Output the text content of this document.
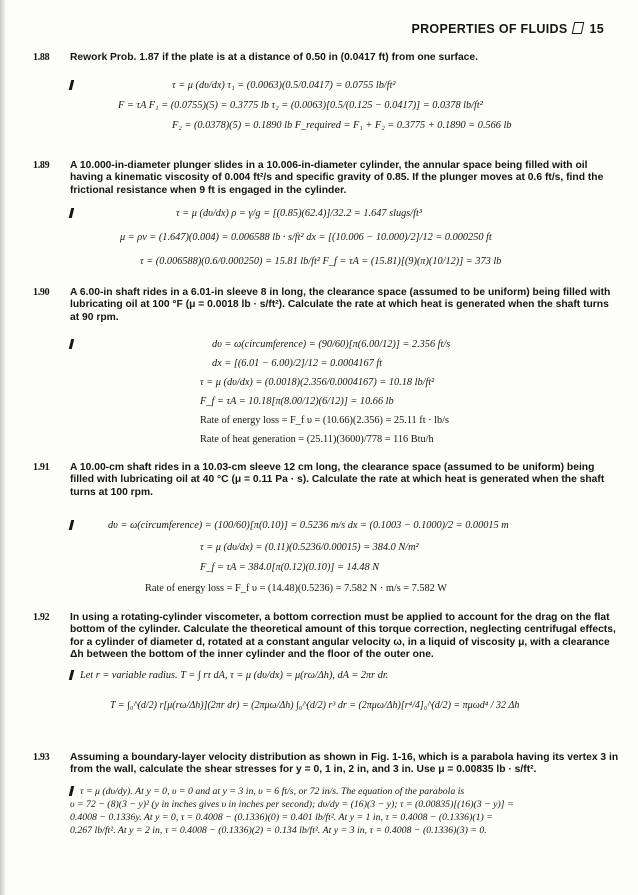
PROPERTIES OF FLUIDS 15
1.88 Rework Prob. 1.87 if the plate is at a distance of 0.50 in (0.0417 ft) from one surface.
τ = μ (dυ/dx) τ₁ = (0.0063)(0.5/0.0417) = 0.0755 lb/ft²
F = τA F₁ = (0.0755)(5) = 0.3775 lb τ₂ = (0.0063)[0.5/(0.125 − 0.0417)] = 0.0378 lb/ft²
F₂ = (0.0378)(5) = 0.1890 lb F_required = F₁ + F₂ = 0.3775 + 0.1890 = 0.566 lb
1.89 A 10.000-in-diameter plunger slides in a 10.006-in-diameter cylinder, the annular space being filled with oil
having a kinematic viscosity of 0.004 ft²/s and specific gravity of 0.85. If the plunger moves at 0.6 ft/s, find the
frictional resistance when 9 ft is engaged in the cylinder.
τ = μ (dυ/dx) ρ = γ/g = [(0.85)(62.4)]/32.2 = 1.647 slugs/ft³
μ = ρν = (1.647)(0.004) = 0.006588 lb · s/ft² dx = [(10.006 − 10.000)/2]/12 = 0.000250 ft
τ = (0.006588)(0.6/0.000250) = 15.81 lb/ft² F_f = τA = (15.81)[(9)(π)(10/12)] = 373 lb
1.90 A 6.00-in shaft rides in a 6.01-in sleeve 8 in long, the clearance space (assumed to be uniform) being filled with
lubricating oil at 100 °F (μ = 0.0018 lb · s/ft²). Calculate the rate at which heat is generated when the shaft turns
at 90 rpm.
dυ = ω(circumference) = (90/60)[π(6.00/12)] = 2.356 ft/s
dx = [(6.01 − 6.00)/2]/12 = 0.0004167 ft
τ = μ (dυ/dx) = (0.0018)(2.356/0.0004167) = 10.18 lb/ft²
F_f = τA = 10.18[π(8.00/12)(6/12)] = 10.66 lb
Rate of energy loss = F_f υ = (10.66)(2.356) = 25.11 ft · lb/s
Rate of heat generation = (25.11)(3600)/778 = 116 Btu/h
1.91 A 10.00-cm shaft rides in a 10.03-cm sleeve 12 cm long, the clearance space (assumed to be uniform) being
filled with lubricating oil at 40 °C (μ = 0.11 Pa · s). Calculate the rate at which heat is generated when the shaft
turns at 100 rpm.
dυ = ω(circumference) = (100/60)[π(0.10)] = 0.5236 m/s dx = (0.1003 − 0.1000)/2 = 0.00015 m
τ = μ (dυ/dx) = (0.11)(0.5236/0.00015) = 384.0 N/m²
F_f = τA = 384.0[π(0.12)(0.10)] = 14.48 N
Rate of energy loss = F_f υ = (14.48)(0.5236) = 7.582 N · m/s = 7.582 W
1.92 In using a rotating-cylinder viscometer, a bottom correction must be applied to account for the drag on the flat
bottom of the cylinder. Calculate the theoretical amount of this torque correction, neglecting centrifugal effects,
for a cylinder of diameter d, rotated at a constant angular velocity ω, in a liquid of viscosity μ, with a clearance
Δh between the bottom of the inner cylinder and the floor of the outer one.
Let r = variable radius. T = ∫ rτ dA, τ = μ (dυ/dx) = μ(rω/Δh), dA = 2πr dr.
T = ∫₀^(d/2) r[μ(rω/Δh)](2πr dr) = (2πμω/Δh) ∫₀^(d/2) r³ dr = (2πμω/Δh)[r⁴/4]₀^(d/2) = πμωd⁴ / 32 Δh
1.93 Assuming a boundary-layer velocity distribution as shown in Fig. 1-16, which is a parabola having its vertex 3 in
from the wall, calculate the shear stresses for y = 0, 1 in, 2 in, and 3 in. Use μ = 0.00835 lb · s/ft².
τ = μ (dυ/dy). At y = 0, υ = 0 and at y = 3 in, υ = 6 ft/s, or 72 in/s. The equation of the parabola is
υ = 72 − (8)(3 − y)² (y in inches gives υ in inches per second); dυ/dy = (16)(3 − y); τ = (0.00835)[(16)(3 − y)] =
0.4008 − 0.1336y. At y = 0, τ = 0.4008 − (0.1336)(0) = 0.401 lb/ft². At y = 1 in, τ = 0.4008 − (0.1336)(1) =
0.267 lb/ft². At y = 2 in, τ = 0.4008 − (0.1336)(2) = 0.134 lb/ft². At y = 3 in, τ = 0.4008 − (0.1336)(3) = 0.
